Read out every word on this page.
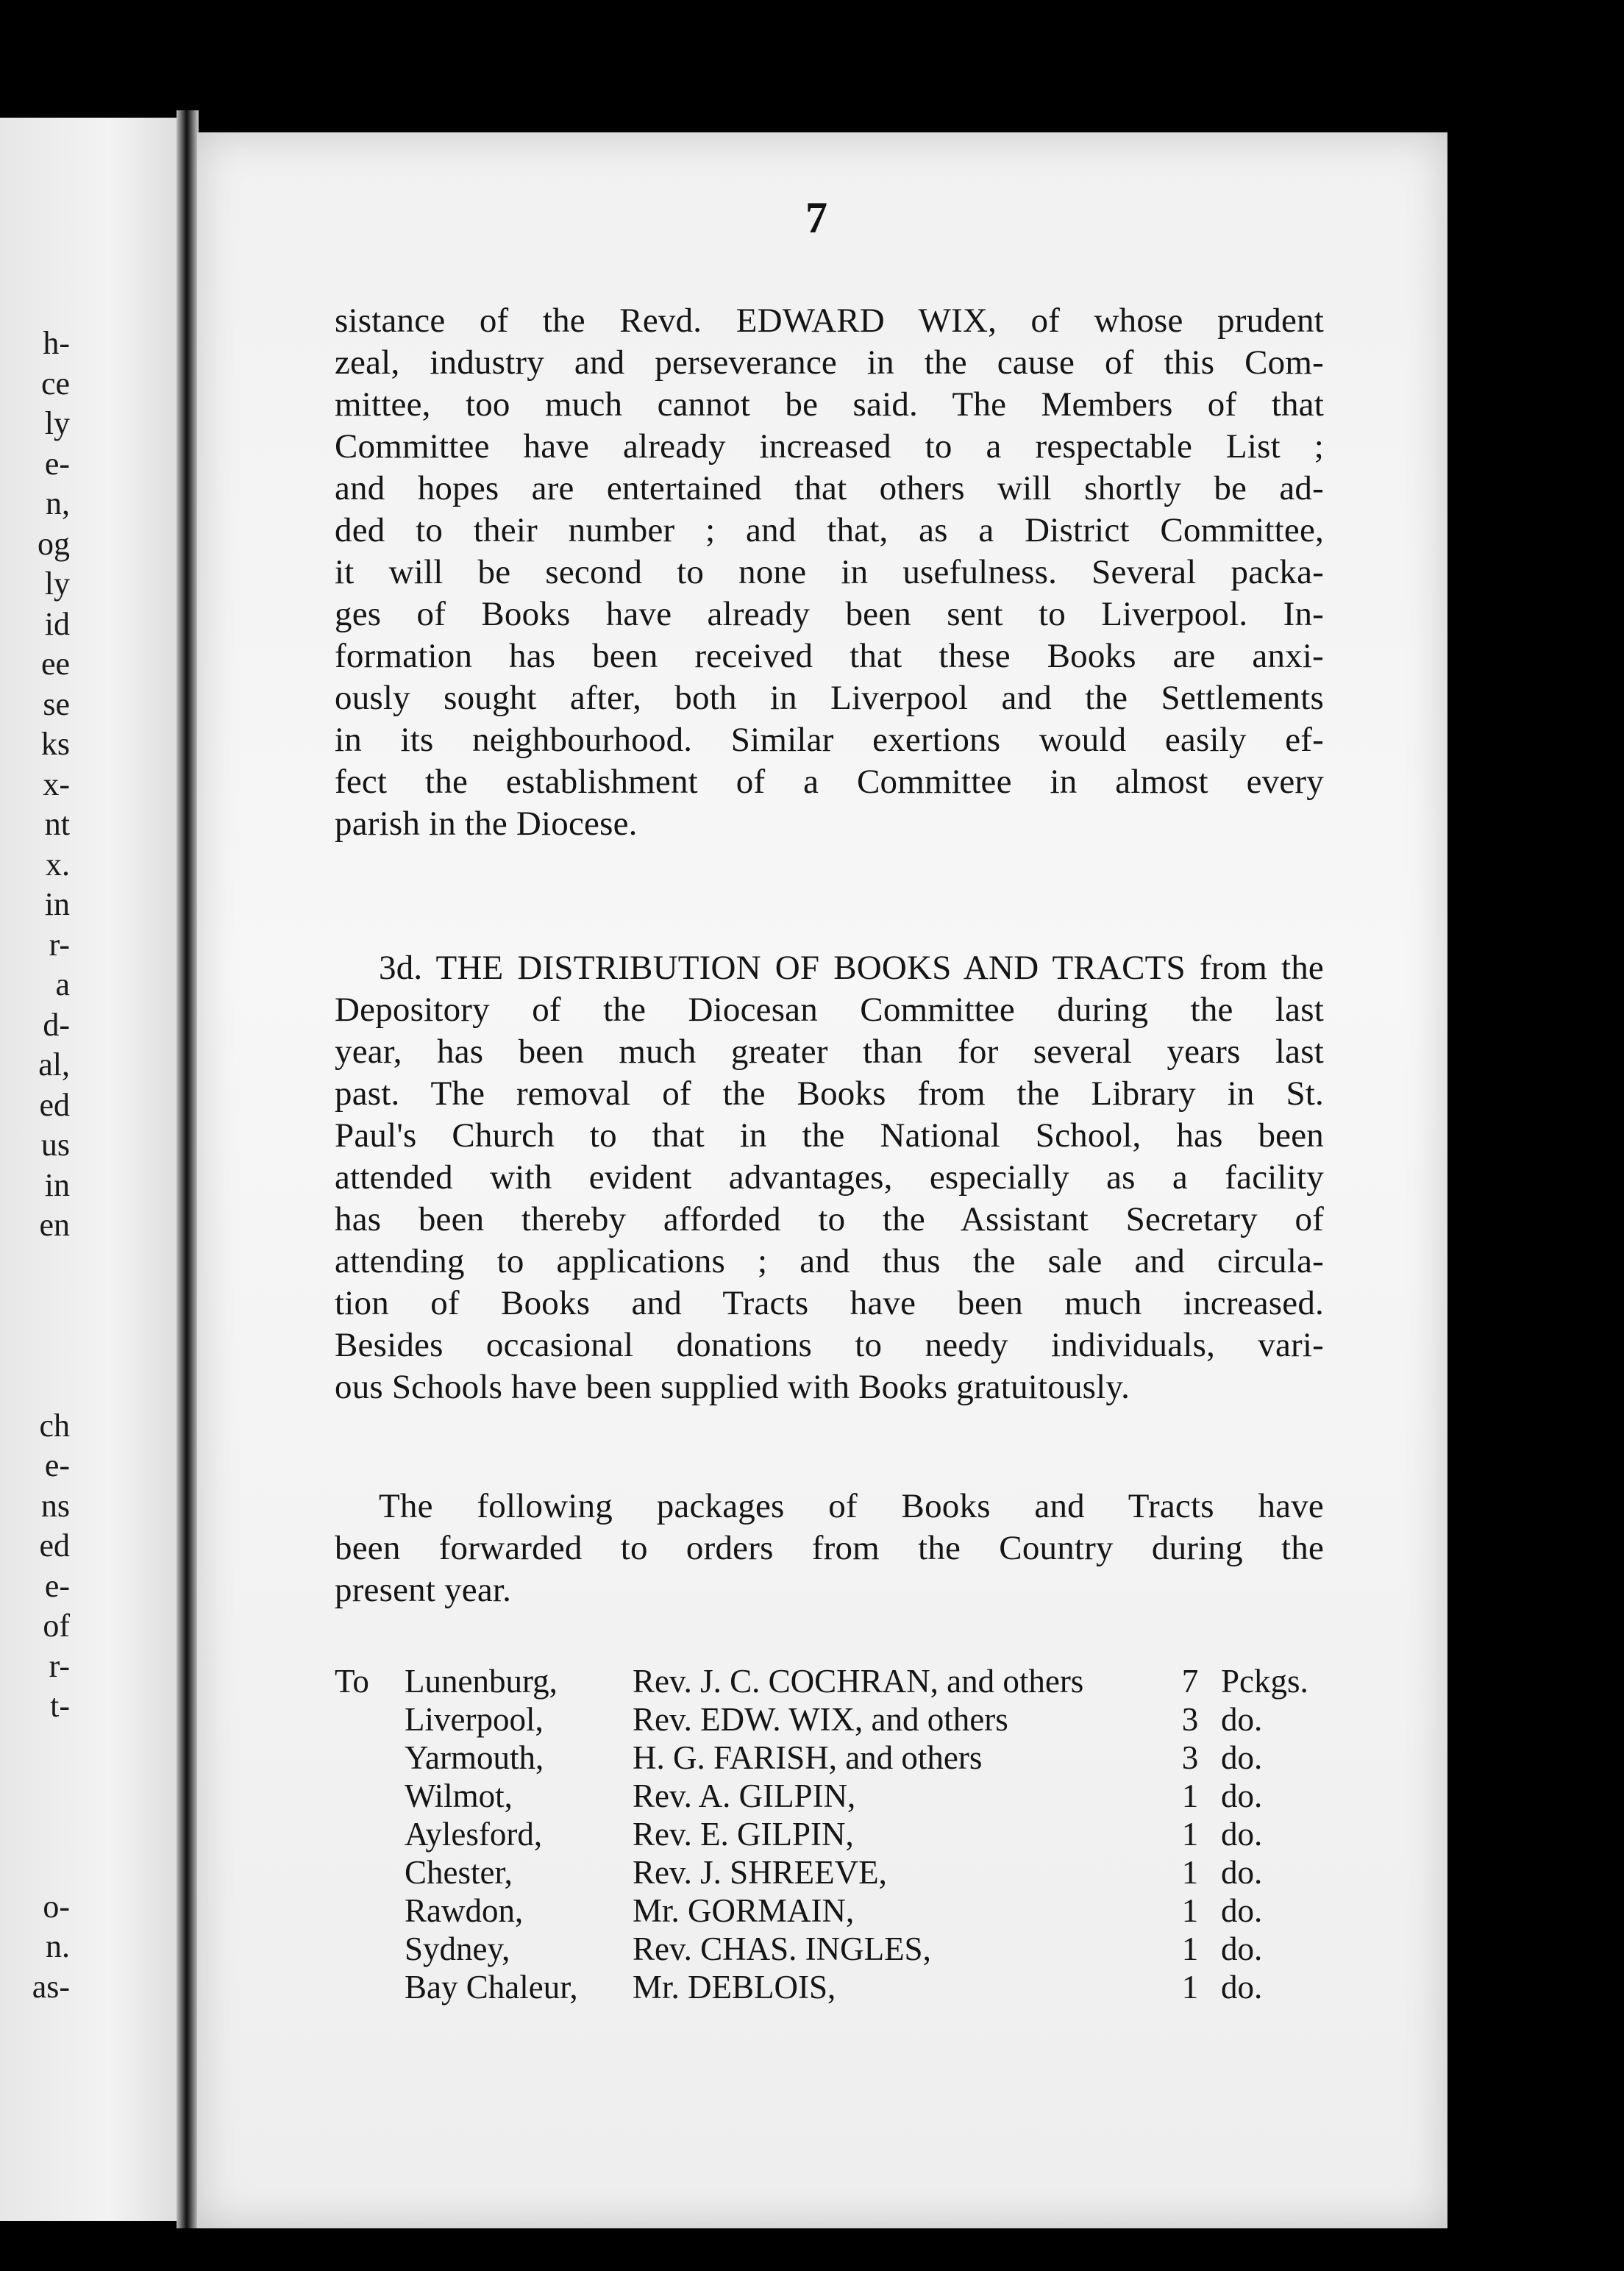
h-
ce
ly
e-
n,
og
ly
id
ee
se
ks
x-
nt
x.
in
r-
a
d-
al,
ed
us
in
en
ch
e-
ns
ed
e-
of
r-
t-
o-
n.
as-
7
sistance of the Revd. EDWARD WIX, of whose prudent
zeal, industry and perseverance in the cause of this Com-
mittee, too much cannot be said. The Members of that
Committee have already increased to a respectable List ;
and hopes are entertained that others will shortly be ad-
ded to their number ; and that, as a District Committee,
it will be second to none in usefulness. Several packa-
ges of Books have already been sent to Liverpool. In-
formation has been received that these Books are anxi-
ously sought after, both in Liverpool and the Settlements
in its neighbourhood. Similar exertions would easily ef-
fect the establishment of a Committee in almost every
parish in the Diocese.
3d. THE DISTRIBUTION OF BOOKS AND TRACTS from the
Depository of the Diocesan Committee during the last
year, has been much greater than for several years last
past. The removal of the Books from the Library in St.
Paul's Church to that in the National School, has been
attended with evident advantages, especially as a facility
has been thereby afforded to the Assistant Secretary of
attending to applications ; and thus the sale and circula-
tion of Books and Tracts have been much increased.
Besides occasional donations to needy individuals, vari-
ous Schools have been supplied with Books gratuitously.
The following packages of Books and Tracts have
been forwarded to orders from the Country during the
present year.
To Lunenburg, Rev. J. C. COCHRAN, and others	7 Pckgs.
Liverpool,	Rev. EDW. WIX, and others	3 do.
Yarmouth,	H. G. FARISH, and others	3 do.
Wilmot,	Rev. A. GILPIN,	1 do.
Aylesford,	Rev. E. GILPIN,	1 do.
Chester,	Rev. J. SHREEVE,	1 do.
Rawdon,	Mr. GORMAIN,	1 do.
Sydney,	Rev. CHAS. INGLES,	1 do.
Bay Chaleur, Mr. DEBLOIS,	1 do.
